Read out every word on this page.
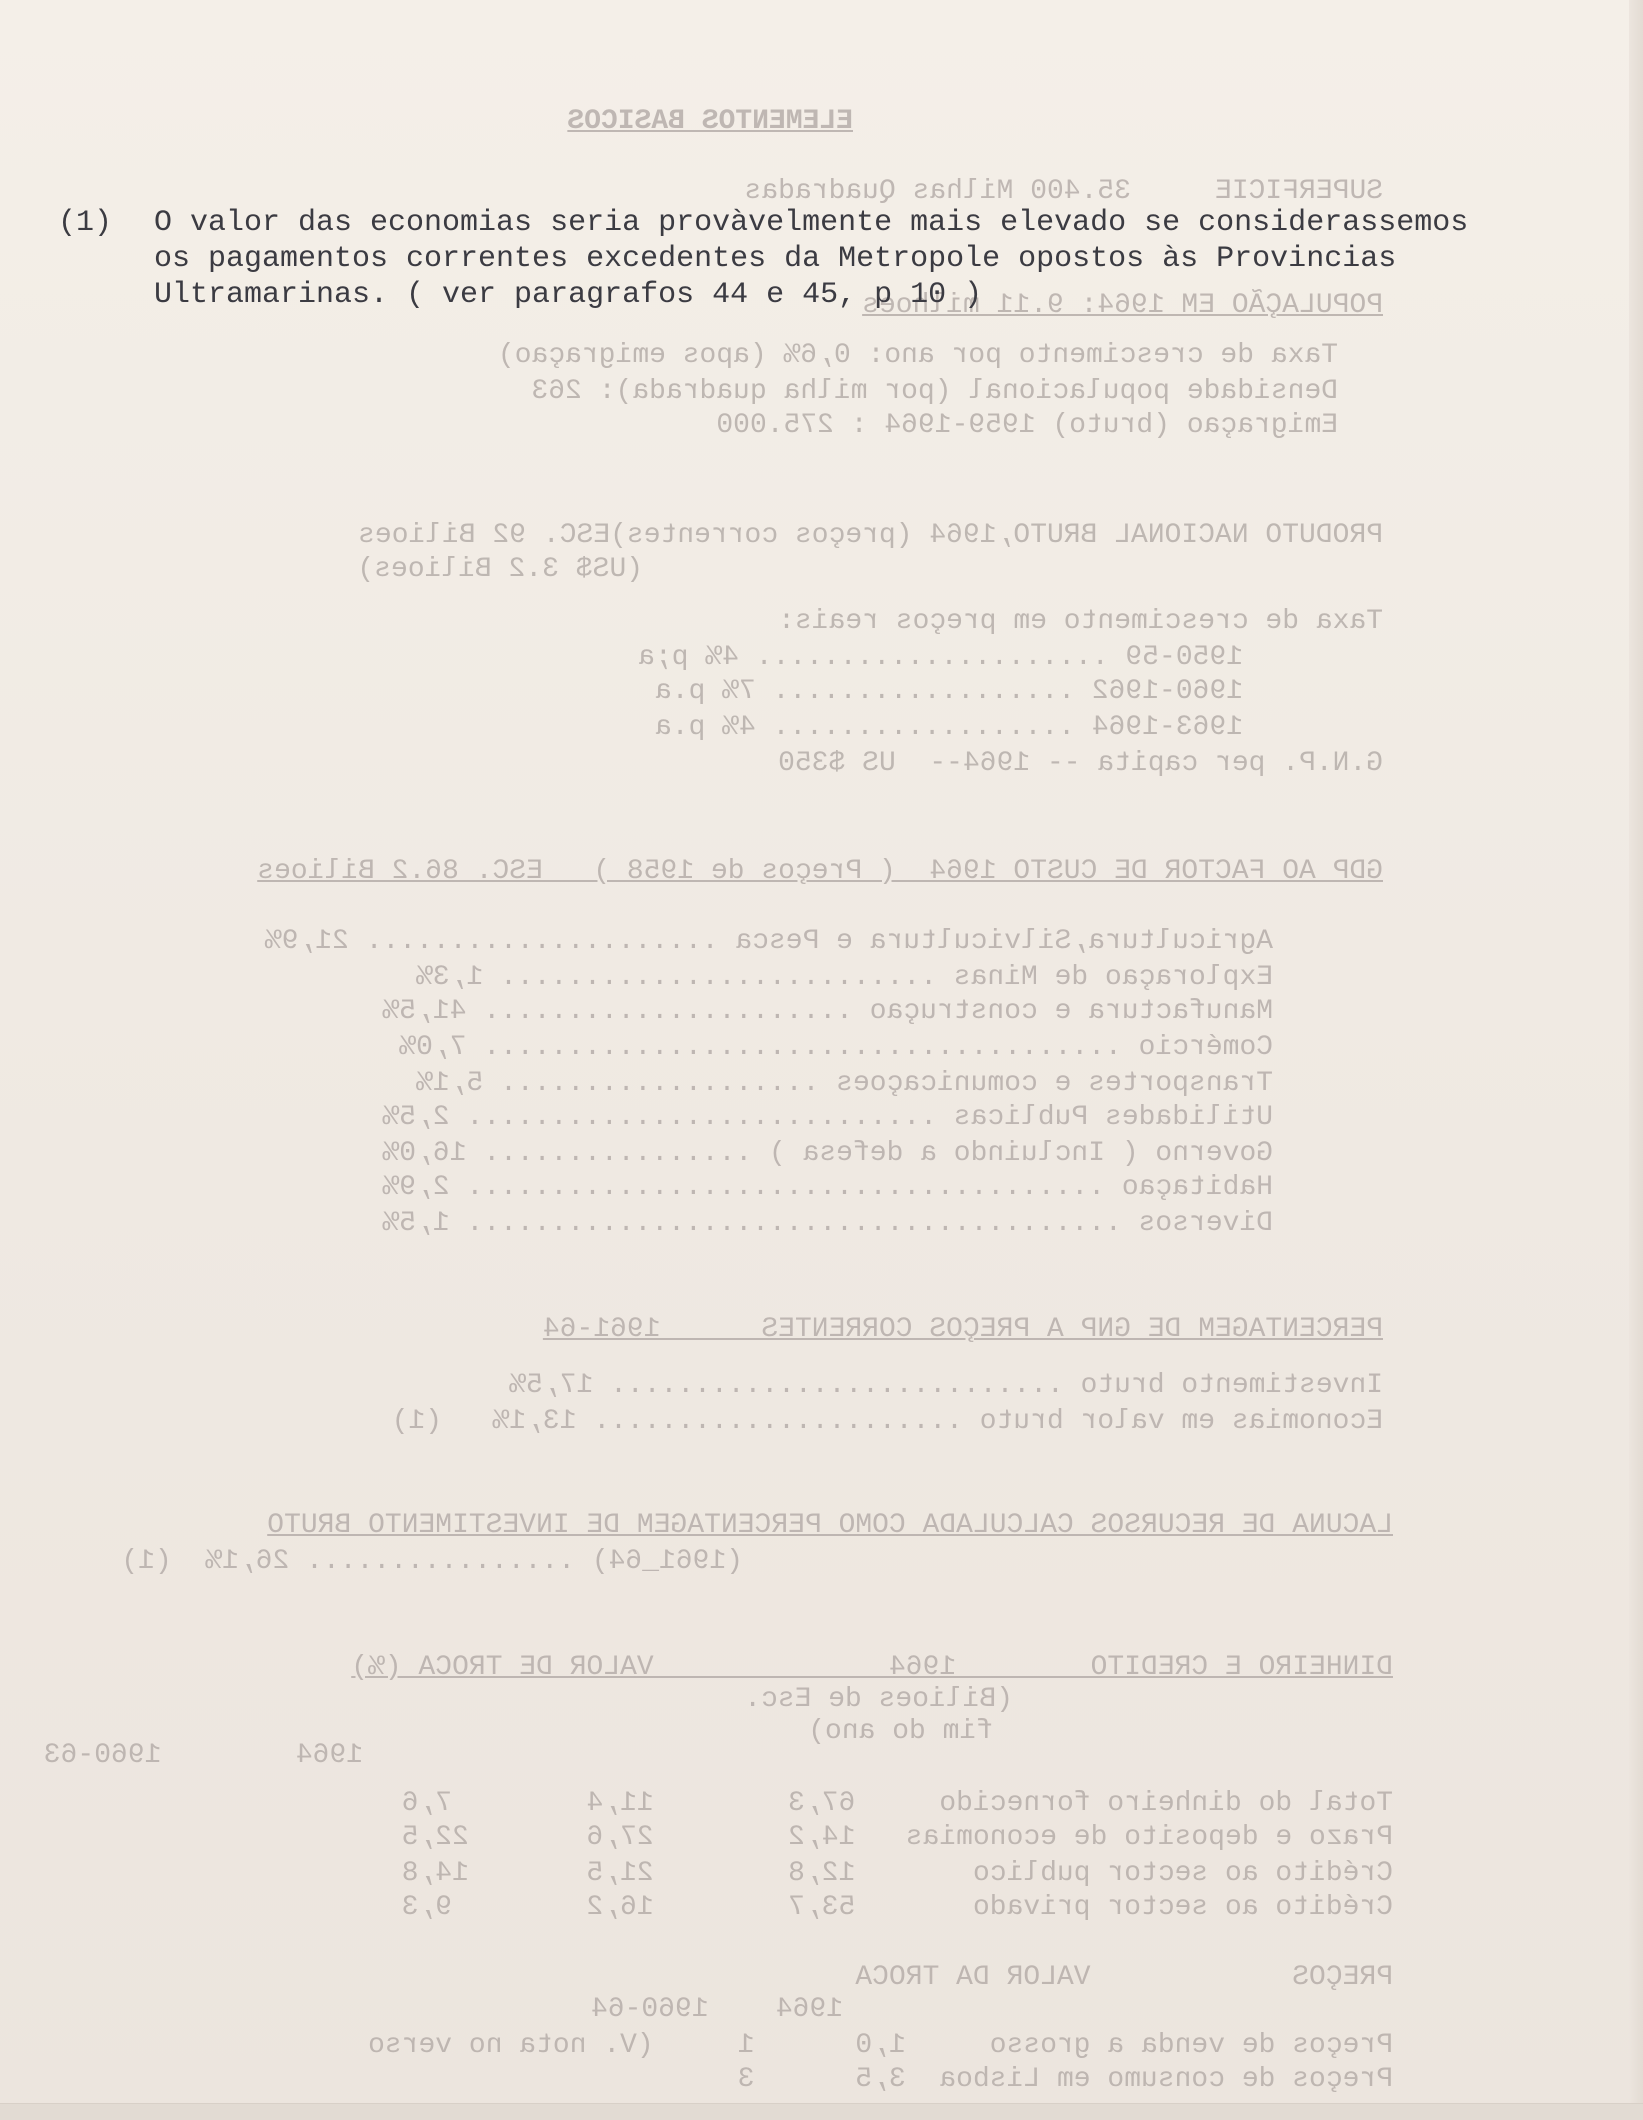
ELEMENTOS BASICOS
SUPERFICIE     35.400 Milhas Quadradas
POPULAÇÃO EM 1964: 9.11 milhoes
Taxa de crescimento por ano: 0,6% (apos emigraçao)
Densidade populacional (por milha quadrada): 263
Emigraçao (bruto) 1959-1964 : 275.000
PRODUTO NACIONAL BRUTO,1964 (preços correntes)ESC. 92 Bilioes
(US$ 3.2 Bilioes)
Taxa de crescimento em preços reais:
1950-59 ..................... 4% p;a
1960-1962 .................. 7% p.a
1963-1964 .................. 4% p.a
G.N.P. per capita -- 1964--  US $350
GDP AO FACTOR DE CUSTO 1964  ( Preços de 1958 )   ESC. 86.2 Bilioes
Agricultura,Silvicultura e Pesca ..................... 21,9%
Exploraçao de Minas .......................... 1,3%
Manufactura e construçao ...................... 41,5%
Comércio ...................................... 7,0%
Transportes e comunicaçoes ................... 5,1%
Utilidades Publicas ............................ 2,5%
Governo ( Incluindo a defesa ) ................ 16,0%
Habitaçao ...................................... 2,9%
Diversos ....................................... 1,5%
PERCENTAGEM DE GNP A PREÇOS CORRENTES      1961-64
Investimento bruto ........................... 17,5%
Economias em valor bruto ...................... 13,1%   (1)
LACUNA DE RECURSOS CALCULADA COMO PERCENTAGEM DE INVESTIMENTO BRUTO
(1961_64) ................ 26,1%  (1)
DINHEIRO E CREDITO        1964              VALOR DE TROCA (%)
(Bilioes de Esc.
fim do ano)
1964        1960-63
Total do dinheiro fornecido     67,3        11,4        7,6
Prazo e deposito de economias   14,2        27,6       22,5
Crédito ao sector publico       12,8        21,5       14,8
Crédito ao sector privado       53,7        16,2        9,3
PREÇOS            VALOR DA TROCA
1964    1960-64
Preços de venda a grosso     1,0      1     (V. nota no verso
Preços de consumo em Lisboa  3,5      3
(1) O valor das economias seria provàvelmente mais elevado se considerassemos
os pagamentos correntes excedentes da Metropole opostos às Provincias
Ultramarinas. ( ver paragrafos 44 e 45, p 10 )
